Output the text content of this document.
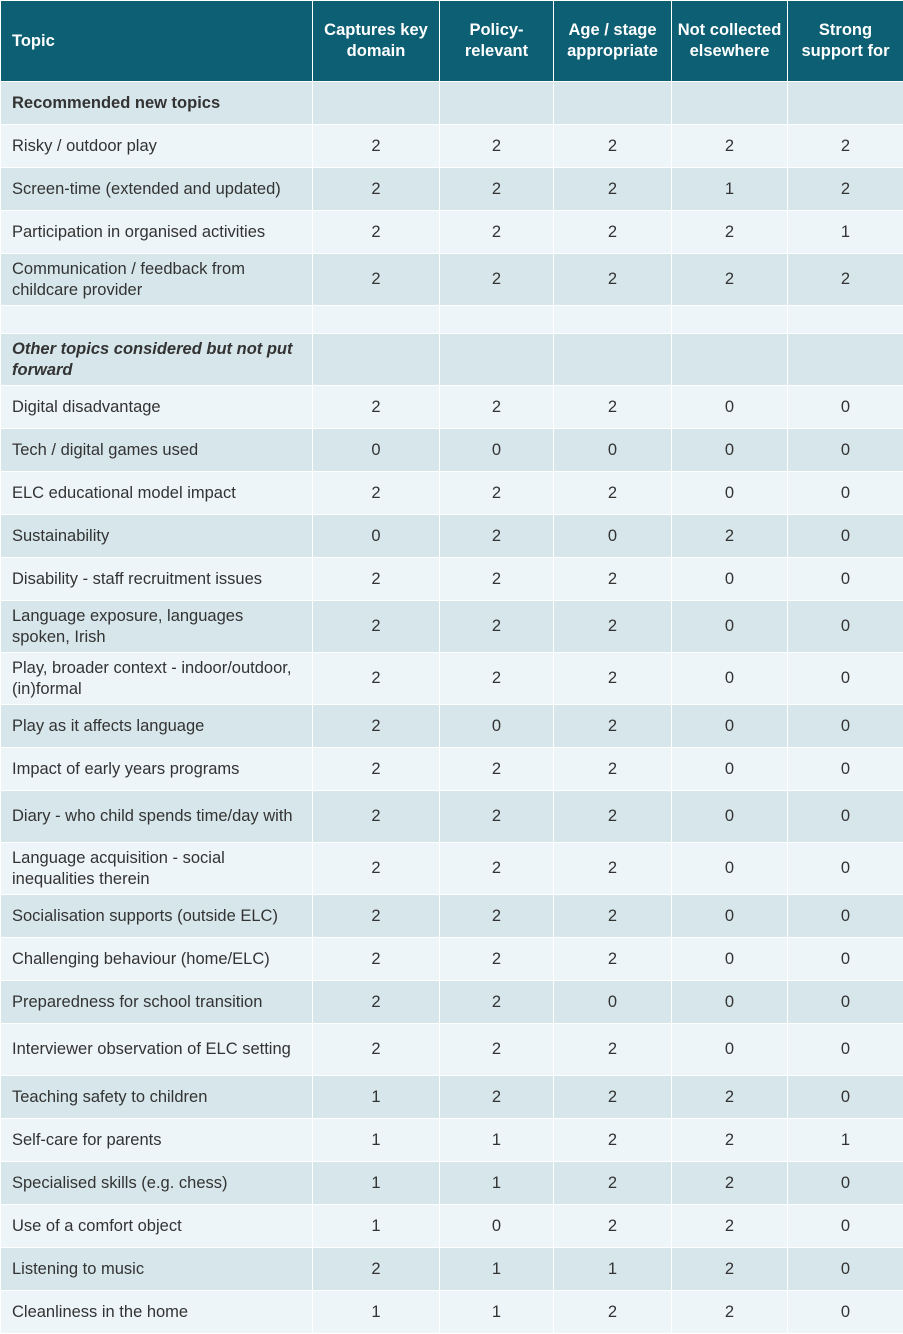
Topic	Captures key domain	Policy-relevant	Age / stage appropriate	Not collected elsewhere	Strong support for
Recommended new topics					
Risky / outdoor play	2	2	2	2	2
Screen-time (extended and updated)	2	2	2	1	2
Participation in organised activities	2	2	2	2	1
Communication / feedback from childcare provider	2	2	2	2	2

Other topics considered but not put forward					
Digital disadvantage	2	2	2	0	0
Tech / digital games used	0	0	0	0	0
ELC educational model impact	2	2	2	0	0
Sustainability	0	2	0	2	0
Disability - staff recruitment issues	2	2	2	0	0
Language exposure, languages spoken, Irish	2	2	2	0	0
Play, broader context - indoor/outdoor, (in)formal	2	2	2	0	0
Play as it affects language	2	0	2	0	0
Impact of early years programs	2	2	2	0	0
Diary - who child spends time/day with	2	2	2	0	0
Language acquisition - social inequalities therein	2	2	2	0	0
Socialisation supports (outside ELC)	2	2	2	0	0
Challenging behaviour (home/ELC)	2	2	2	0	0
Preparedness for school transition	2	2	0	0	0
Interviewer observation of ELC setting	2	2	2	0	0
Teaching safety to children	1	2	2	2	0
Self-care for parents	1	1	2	2	1
Specialised skills (e.g. chess)	1	1	2	2	0
Use of a comfort object	1	0	2	2	0
Listening to music	2	1	1	2	0
Cleanliness in the home	1	1	2	2	0
